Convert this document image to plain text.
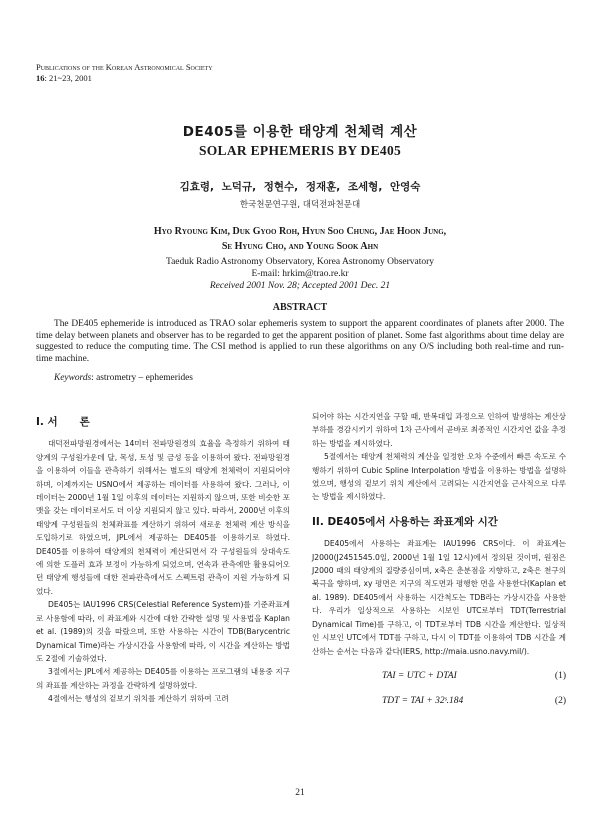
Publications of the Korean Astronomical Society
16: 21~23, 2001
DE405를 이용한 태양계 천체력 계산
SOLAR EPHEMERIS BY DE405
김효령, 노덕규, 정현수, 정재훈, 조세형, 안영숙
한국천문연구원, 대덕전파천문대
Hyo Ryoung Kim, Duk Gyoo Roh, Hyun Soo Chung, Jae Hoon Jung,
Se Hyung Cho, and Young Sook Ahn
Taeduk Radio Astronomy Observatory, Korea Astronomy Observatory
E-mail: hrkim@trao.re.kr
Received 2001 Nov. 28; Accepted 2001 Dec. 21
ABSTRACT

The DE405 ephemeride is introduced as TRAO solar ephemeris system to support the apparent coordinates of planets after 2000. The time delay between planets and observer has to be regarded to get the apparent position of planet. Some fast algorithms about time delay are suggested to reduce the computing time. The CSI method is applied to run these algorithms on any O/S including both real-time and run-time machine.

Keywords: astrometry – ephemerides
I. 서      론

대덕전파망원경에서는 14미터 전파망원경의 효율을 측정하기 위하여 태양계의 구성원가운데 달, 목성, 토성 및 금성 등을 이용하여 왔다. 전파망원경을 이용하여 이들을 관측하기 위해서는 별도의 태양계 천체력이 지원되어야 하며, 이제까지는 USNO에서 제공하는 데이터를 사용하여 왔다. 그러나, 이 데이터는 2000년 1월 1일 이후의 데이터는 지원하지 않으며, 또한 비슷한 포맷을 갖는 데이터로서도 더 이상 지원되지 않고 있다. 따라서, 2000년 이후의 태양계 구성원들의 천체좌표를 계산하기 위하여 새로운 천체력 계산 방식을 도입하기로 하였으며, JPL에서 제공하는 DE405를 이용하기로 하였다. DE405를 이용하여 태양계의 천체력이 계산되면서 각 구성원들의 상대속도에 의한 도플러 효과 보정이 가능하게 되었으며, 연속과 관측에만 활용되어오던 태양계 행성들에 대한 전파관측에서도 스펙트럼 관측이 지원 가능하게 되었다.

DE405는 IAU1996 CRS(Celestial Reference System)를 기준좌표계로 사용함에 따라, 이 좌표계와 시간에 대한 간략한 설명 및 사용법을 Kaplan et al. (1989)의 것을 따랐으며, 또한 사용하는 시간이 TDB(Barycentric Dynamical Time)라는 가상시간을 사용함에 따라, 이 시간을 계산하는 방법도 2절에 기술하였다.

3절에서는 JPL에서 제공하는 DE405를 이용하는 프로그램의 내용중 지구의 좌표를 계산하는 과정을 간략하게 설명하였다.

4절에서는 행성의 겉보기 위치를 계산하기 위하여 고려

되어야 하는 시간지연을 구할 때, 반복대입 과정으로 인하여 발생하는 계산상 부하를 경감시키기 위하여 1차 근사에서 곧바로 최종적인 시간지연 값을 추정하는 방법을 제시하였다.

5절에서는 태양계 천체력의 계산을 일정한 오차 수준에서 빠른 속도로 수행하기 위하여 Cubic Spline Interpolation 방법을 이용하는 방법을 설명하였으며, 행성의 겉보기 위치 계산에서 고려되는 시간지연을 근사적으로 다루는 방법을 제시하였다.

II. DE405에서 사용하는 좌표계와 시간

DE405에서 사용하는 좌표계는 IAU1996 CRS이다. 이 좌표계는 J2000(J2451545.0일, 2000년 1월 1일 12시)에서 정의된 것이며, 원점은 J2000 때의 태양계의 질량중심이며, x축은 춘분점을 지향하고, z축은 천구의 북극을 향하며, xy 평면은 지구의 적도면과 평행한 면을 사용한다(Kaplan et al. 1989). DE405에서 사용하는 시간척도는 TDB라는 가상시간을 사용한다. 우리가 일상적으로 사용하는 시보인 UTC로부터 TDT(Terrestrial Dynamical Time)를 구하고, 이 TDT로부터 TDB 시간을 계산한다. 일상적인 시보인 UTC에서 TDT를 구하고, 다시 이 TDT를 이용하여 TDB 시간을 계산하는 순서는 다음과 같다(IERS, http://maia.usno.navy.mil/).

TAI = UTC + DTAI	(1)
TDT = TAI + 32ˢ.184	(2)
21
